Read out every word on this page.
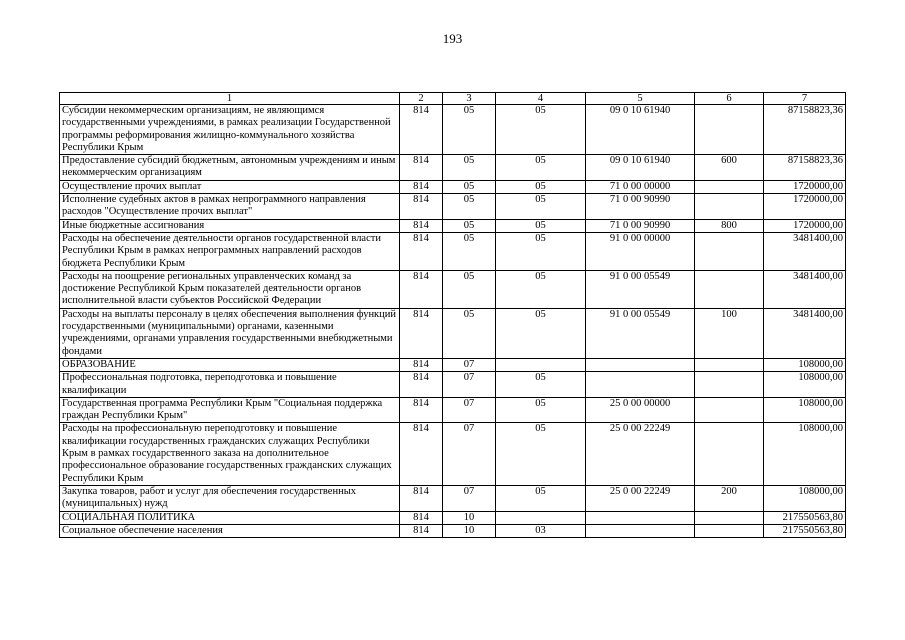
193
1	2	3	4	5	6	7
Субсидии некоммерческим организациям, не являющимся государственными учреждениями, в рамках реализации Государственной программы реформирования жилищно-коммунального хозяйства Республики Крым	814	05	05	09 0 10 61940		87158823,36
Предоставление субсидий бюджетным, автономным учреждениям и иным некоммерческим организациям	814	05	05	09 0 10 61940	600	87158823,36
Осуществление прочих выплат	814	05	05	71 0 00 00000		1720000,00
Исполнение судебных актов в рамках непрограммного направления расходов "Осуществление прочих выплат"	814	05	05	71 0 00 90990		1720000,00
Иные бюджетные ассигнования	814	05	05	71 0 00 90990	800	1720000,00
Расходы на обеспечение деятельности органов государственной власти Республики Крым в рамках непрограммных направлений расходов бюджета Республики Крым	814	05	05	91 0 00 00000		3481400,00
Расходы на поощрение региональных управленческих команд за достижение Республикой Крым показателей деятельности органов исполнительной власти субъектов Российской Федерации	814	05	05	91 0 00 05549		3481400,00
Расходы на выплаты персоналу в целях обеспечения выполнения функций государственными (муниципальными) органами, казенными учреждениями, органами управления государственными внебюджетными фондами	814	05	05	91 0 00 05549	100	3481400,00
ОБРАЗОВАНИЕ	814	07				108000,00
Профессиональная подготовка, переподготовка и повышение квалификации	814	07	05			108000,00
Государственная программа Республики Крым "Социальная поддержка граждан Республики Крым"	814	07	05	25 0 00 00000		108000,00
Расходы на профессиональную переподготовку и повышение квалификации государственных гражданских служащих Республики Крым в рамках государственного заказа на дополнительное профессиональное образование государственных гражданских служащих Республики Крым	814	07	05	25 0 00 22249		108000,00
Закупка товаров, работ и услуг для обеспечения государственных (муниципальных) нужд	814	07	05	25 0 00 22249	200	108000,00
СОЦИАЛЬНАЯ ПОЛИТИКА	814	10				217550563,80
Социальное обеспечение населения	814	10	03			217550563,80
